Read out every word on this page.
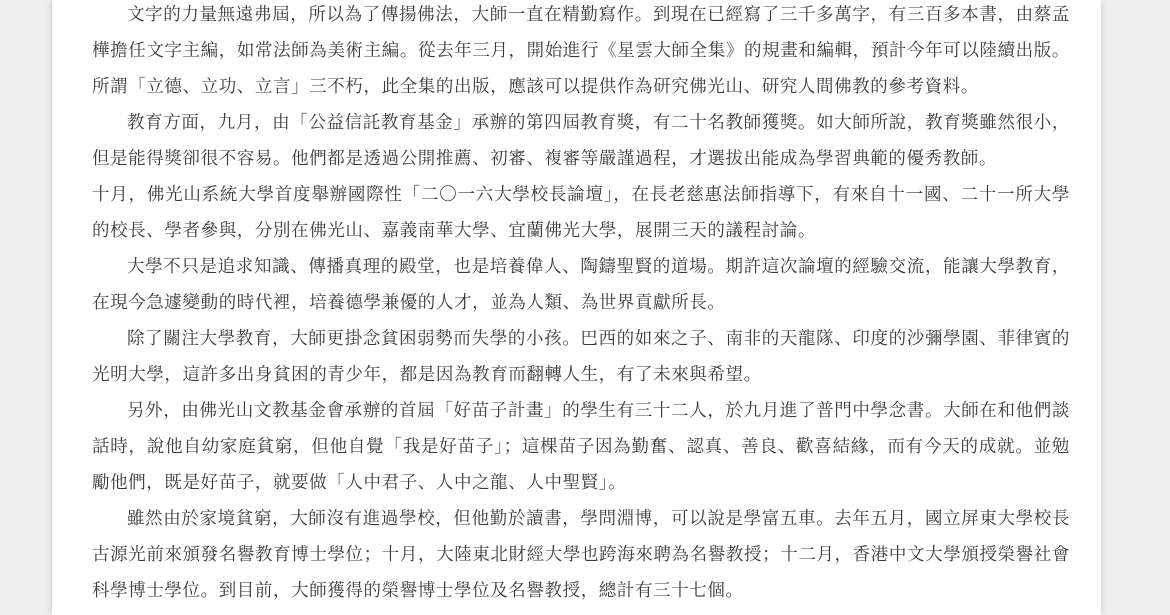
文字的力量無遠弗屆，所以為了傳揚佛法，大師一直在精勤寫作。到現在已經寫了三千多萬字，有三百多本書，由蔡孟樺擔任文字主編，如常法師為美術主編。從去年三月，開始進行《星雲大師全集》的規畫和編輯，預計今年可以陸續出版。所謂「立德、立功、立言」三不朽，此全集的出版，應該可以提供作為研究佛光山、研究人間佛教的參考資料。

教育方面，九月，由「公益信託教育基金」承辦的第四屆教育獎，有二十名教師獲獎。如大師所說，教育獎雖然很小，但是能得獎卻很不容易。他們都是透過公開推薦、初審、複審等嚴謹過程，才選拔出能成為學習典範的優秀教師。

十月，佛光山系統大學首度舉辦國際性「二〇一六大學校長論壇」，在長老慈惠法師指導下，有來自十一國、二十一所大學的校長、學者參與，分別在佛光山、嘉義南華大學、宜蘭佛光大學，展開三天的議程討論。

大學不只是追求知識、傳播真理的殿堂，也是培養偉人、陶鑄聖賢的道場。期許這次論壇的經驗交流，能讓大學教育，在現今急遽變動的時代裡，培養德學兼優的人才，並為人類、為世界貢獻所長。

除了關注大學教育，大師更掛念貧困弱勢而失學的小孩。巴西的如來之子、南非的天龍隊、印度的沙彌學園、菲律賓的光明大學，這許多出身貧困的青少年，都是因為教育而翻轉人生，有了未來與希望。

另外，由佛光山文教基金會承辦的首屆「好苗子計畫」的學生有三十二人，於九月進了普門中學念書。大師在和他們談話時，說他自幼家庭貧窮，但他自覺「我是好苗子」；這棵苗子因為勤奮、認真、善良、歡喜結緣，而有今天的成就。並勉勵他們，既是好苗子，就要做「人中君子、人中之龍、人中聖賢」。

雖然由於家境貧窮，大師沒有進過學校，但他勤於讀書，學問淵博，可以說是學富五車。去年五月，國立屏東大學校長古源光前來頒發名譽教育博士學位；十月，大陸東北財經大學也跨海來聘為名譽教授；十二月，香港中文大學頒授榮譽社會科學博士學位。到目前，大師獲得的榮譽博士學位及名譽教授，總計有三十七個。
